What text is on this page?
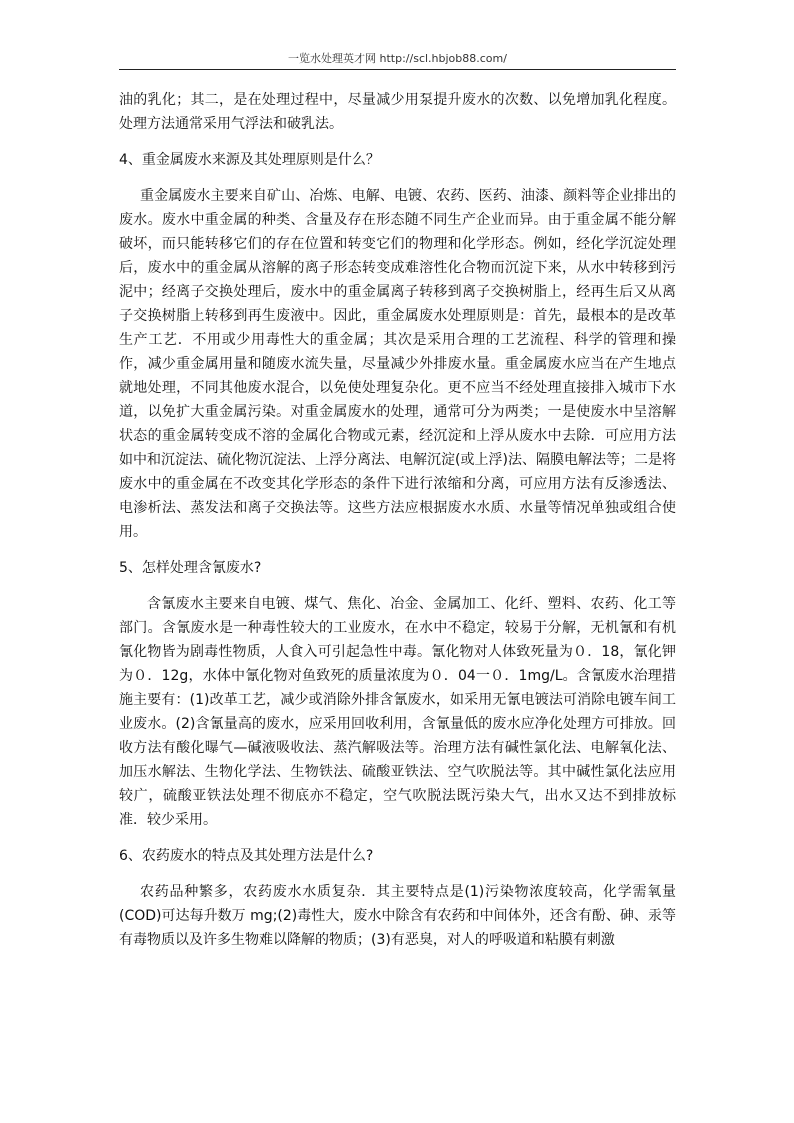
一览水处理英才网 http://scl.hbjob88.com/

油的乳化；其二，是在处理过程中，尽量减少用泵提升废水的次数、以免增加乳化程度。处理方法通常采用气浮法和破乳法。

4、重金属废水来源及其处理原则是什么？

重金属废水主要来自矿山、冶炼、电解、电镀、农药、医药、油漆、颜料等企业排出的废水。废水中重金属的种类、含量及存在形态随不同生产企业而异。由于重金属不能分解破坏，而只能转移它们的存在位置和转变它们的物理和化学形态。例如，经化学沉淀处理后，废水中的重金属从溶解的离子形态转变成难溶性化合物而沉淀下来，从水中转移到污泥中；经离子交换处理后，废水中的重金属离子转移到离子交换树脂上，经再生后又从离子交换树脂上转移到再生废液中。因此，重金属废水处理原则是：首先，最根本的是改革生产工艺．不用或少用毒性大的重金属；其次是采用合理的工艺流程、科学的管理和操作，减少重金属用量和随废水流失量，尽量减少外排废水量。重金属废水应当在产生地点就地处理，不同其他废水混合，以免使处理复杂化。更不应当不经处理直接排入城市下水道，以免扩大重金属污染。对重金属废水的处理，通常可分为两类；一是使废水中呈溶解状态的重金属转变成不溶的金属化合物或元素，经沉淀和上浮从废水中去除．可应用方法如中和沉淀法、硫化物沉淀法、上浮分离法、电解沉淀(或上浮)法、隔膜电解法等；二是将废水中的重金属在不改变其化学形态的条件下进行浓缩和分离，可应用方法有反渗透法、电渗析法、蒸发法和离子交换法等。这些方法应根据废水水质、水量等情况单独或组合使用。

5、怎样处理含氰废水?

含氰废水主要来自电镀、煤气、焦化、冶金、金属加工、化纤、塑料、农药、化工等部门。含氰废水是一种毒性较大的工业废水，在水中不稳定，较易于分解，无机氰和有机氰化物皆为剧毒性物质，人食入可引起急性中毒。氰化物对人体致死量为０．18，氰化钾为０．12g，水体中氰化物对鱼致死的质量浓度为０．04一０．1mg/L。含氰废水治理措施主要有：(1)改革工艺，减少或消除外排含氰废水，如采用无氰电镀法可消除电镀车间工业废水。(2)含氰量高的废水，应采用回收利用，含氰量低的废水应净化处理方可排放。回收方法有酸化曝气—碱液吸收法、蒸汽解吸法等。治理方法有碱性氯化法、电解氧化法、加压水解法、生物化学法、生物铁法、硫酸亚铁法、空气吹脱法等。其中碱性氯化法应用较广，硫酸亚铁法处理不彻底亦不稳定，空气吹脱法既污染大气，出水又达不到排放标准．较少采用。

6、农药废水的特点及其处理方法是什么?

农药品种繁多，农药废水水质复杂．其主要特点是(1)污染物浓度较高，化学需氧量(COD)可达每升数万 mg;(2)毒性大，废水中除含有农药和中间体外，还含有酚、砷、汞等有毒物质以及许多生物难以降解的物质；(3)有恶臭，对人的呼吸道和粘膜有刺激
